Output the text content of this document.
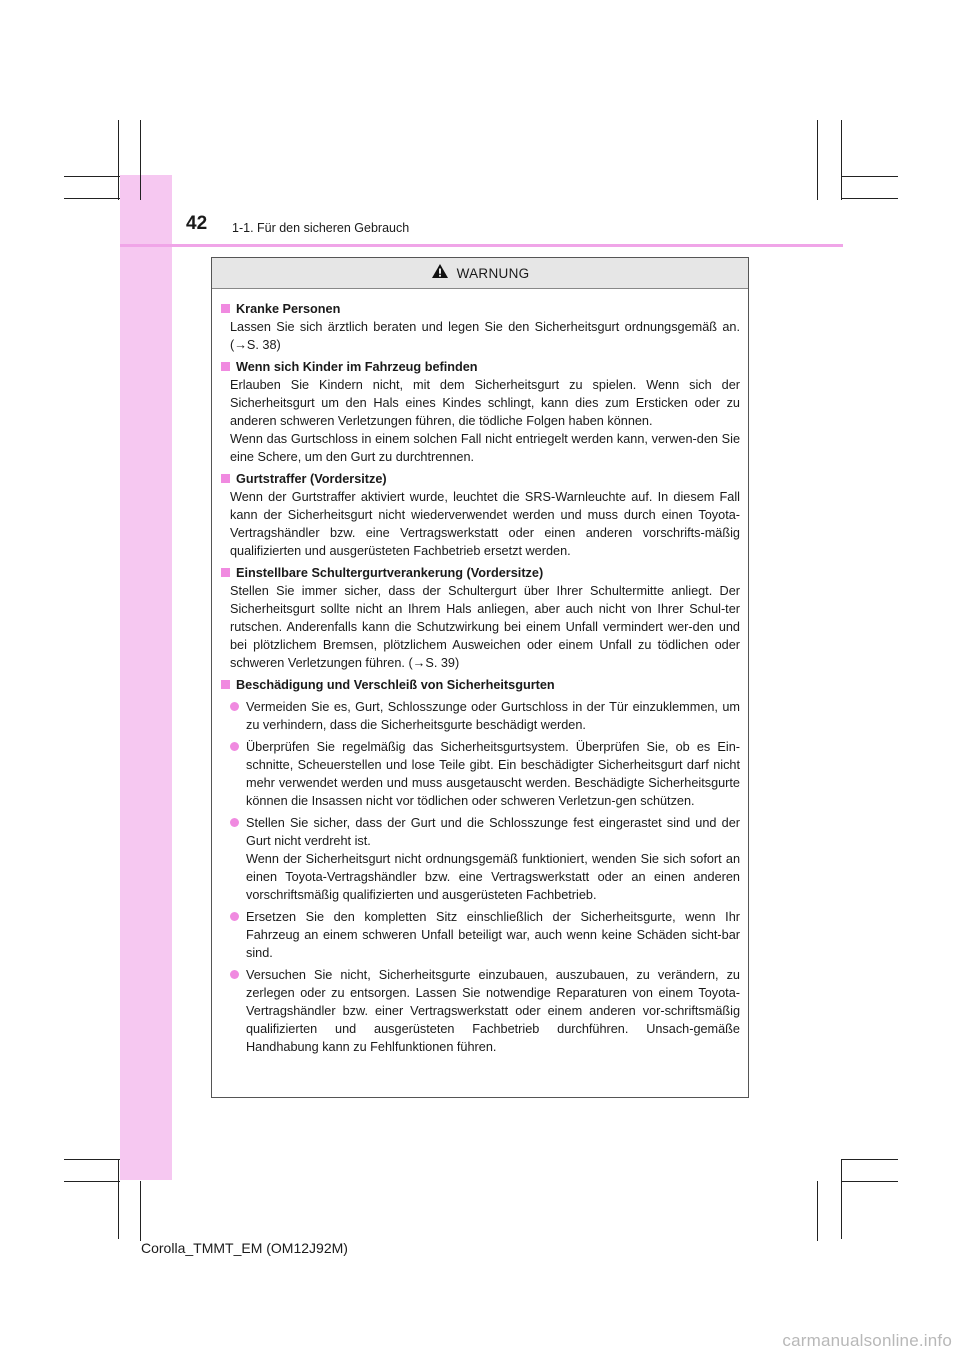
42 1-1. Für den sicheren Gebrauch
WARNUNG
Kranke Personen
Lassen Sie sich ärztlich beraten und legen Sie den Sicherheitsgurt ordnungsgemäß an. (→S. 38)
Wenn sich Kinder im Fahrzeug befinden
Erlauben Sie Kindern nicht, mit dem Sicherheitsgurt zu spielen. Wenn sich der Sicherheitsgurt um den Hals eines Kindes schlingt, kann dies zum Ersticken oder zu anderen schweren Verletzungen führen, die tödliche Folgen haben können.
Wenn das Gurtschloss in einem solchen Fall nicht entriegelt werden kann, verwen-den Sie eine Schere, um den Gurt zu durchtrennen.
Gurtstraffer (Vordersitze)
Wenn der Gurtstraffer aktiviert wurde, leuchtet die SRS-Warnleuchte auf. In diesem Fall kann der Sicherheitsgurt nicht wiederverwendet werden und muss durch einen Toyota-Vertragshändler bzw. eine Vertragswerkstatt oder einen anderen vorschrifts-mäßig qualifizierten und ausgerüsteten Fachbetrieb ersetzt werden.
Einstellbare Schultergurtverankerung (Vordersitze)
Stellen Sie immer sicher, dass der Schultergurt über Ihrer Schultermitte anliegt. Der Sicherheitsgurt sollte nicht an Ihrem Hals anliegen, aber auch nicht von Ihrer Schul-ter rutschen. Anderenfalls kann die Schutzwirkung bei einem Unfall vermindert wer-den und bei plötzlichem Bremsen, plötzlichem Ausweichen oder einem Unfall zu tödlichen oder schweren Verletzungen führen. (→S. 39)
Beschädigung und Verschleiß von Sicherheitsgurten
Vermeiden Sie es, Gurt, Schlosszunge oder Gurtschloss in der Tür einzuklemmen, um zu verhindern, dass die Sicherheitsgurte beschädigt werden.
Überprüfen Sie regelmäßig das Sicherheitsgurtsystem. Überprüfen Sie, ob es Ein-schnitte, Scheuerstellen und lose Teile gibt. Ein beschädigter Sicherheitsgurt darf nicht mehr verwendet werden und muss ausgetauscht werden. Beschädigte Sicherheitsgurte können die Insassen nicht vor tödlichen oder schweren Verletzun-gen schützen.
Stellen Sie sicher, dass der Gurt und die Schlosszunge fest eingerastet sind und der Gurt nicht verdreht ist.
Wenn der Sicherheitsgurt nicht ordnungsgemäß funktioniert, wenden Sie sich sofort an einen Toyota-Vertragshändler bzw. eine Vertragswerkstatt oder an einen anderen vorschriftsmäßig qualifizierten und ausgerüsteten Fachbetrieb.
Ersetzen Sie den kompletten Sitz einschließlich der Sicherheitsgurte, wenn Ihr Fahrzeug an einem schweren Unfall beteiligt war, auch wenn keine Schäden sicht-bar sind.
Versuchen Sie nicht, Sicherheitsgurte einzubauen, auszubauen, zu verändern, zu zerlegen oder zu entsorgen. Lassen Sie notwendige Reparaturen von einem Toyota-Vertragshändler bzw. einer Vertragswerkstatt oder einem anderen vor-schriftsmäßig qualifizierten und ausgerüsteten Fachbetrieb durchführen. Unsach-gemäße Handhabung kann zu Fehlfunktionen führen.
Corolla_TMMT_EM (OM12J92M)
carmanualsonline.info
